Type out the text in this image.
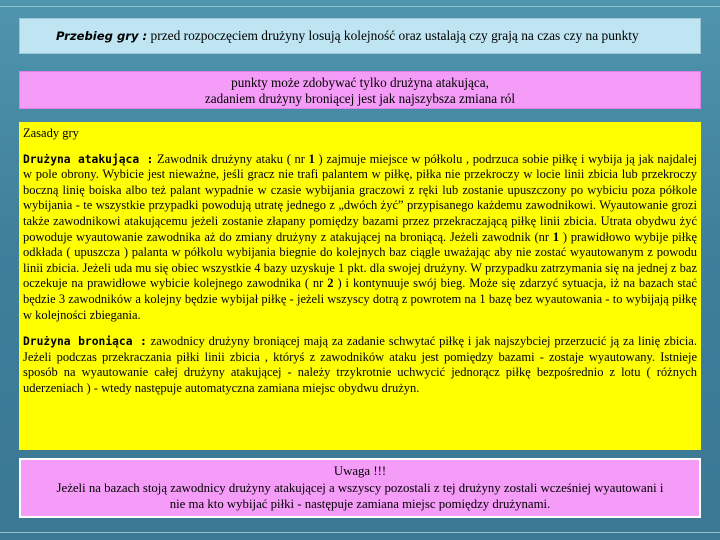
Przebieg gry : przed rozpoczęciem drużyny losują kolejność oraz ustalają czy grają na czas czy na punkty
punkty może zdobywać tylko drużyna atakująca,
zadaniem drużyny broniącej jest jak najszybsza zmiana ról
Zasady gry

Drużyna atakująca : Zawodnik drużyny ataku ( nr 1 ) zajmuje miejsce w półkolu , podrzuca sobie piłkę i wybija ją jak najdalej w pole obrony. Wybicie jest nieważne, jeśli gracz nie trafi palantem w piłkę, piłka nie przekroczy w locie linii zbicia lub przekroczy boczną linię boiska albo też palant wypadnie w czasie wybijania graczowi z ręki lub zostanie upuszczony po wybiciu poza półkole wybijania - te wszystkie przypadki powodują utratę jednego z „dwóch żyć” przypisanego każdemu zawodnikowi. Wyautowanie grozi także zawodnikowi atakującemu jeżeli zostanie złapany pomiędzy bazami przez przekraczającą piłkę linii zbicia. Utrata obydwu żyć powoduje wyautowanie zawodnika aż do zmiany drużyny z atakującej na broniącą. Jeżeli zawodnik (nr 1 ) prawidłowo wybije piłkę odkłada ( upuszcza ) palanta w półkolu wybijania biegnie do kolejnych baz ciągle uważając aby nie zostać wyautowanym z powodu linii zbicia. Jeżeli uda mu się obiec wszystkie 4 bazy uzyskuje 1 pkt. dla swojej drużyny. W przypadku zatrzymania się na jednej z baz oczekuje na prawidłowe wybicie kolejnego zawodnika ( nr 2 ) i kontynuuje swój bieg. Może się zdarzyć sytuacja, iż na bazach stać będzie 3 zawodników a kolejny będzie wybijał piłkę - jeżeli wszyscy dotrą z powrotem na 1 bazę bez wyautowania - to wybijają piłkę w kolejności zbiegania.

Drużyna broniąca : zawodnicy drużyny broniącej mają za zadanie schwytać piłkę i jak najszybciej przerzucić ją za linię zbicia. Jeżeli podczas przekraczania piłki linii zbicia , któryś z zawodników ataku jest pomiędzy bazami - zostaje wyautowany. Istnieje sposób na wyautowanie całej drużyny atakującej - należy trzykrotnie uchwycić jednorącz piłkę bezpośrednio z lotu ( różnych uderzeniach ) - wtedy następuje automatyczna zamiana miejsc obydwu drużyn.

Uwaga !!!
Jeżeli na bazach stoją zawodnicy drużyny atakującej a wszyscy pozostali z tej drużyny zostali wcześniej wyautowani i
nie ma kto wybijać piłki - następuje zamiana miejsc pomiędzy drużynami.
